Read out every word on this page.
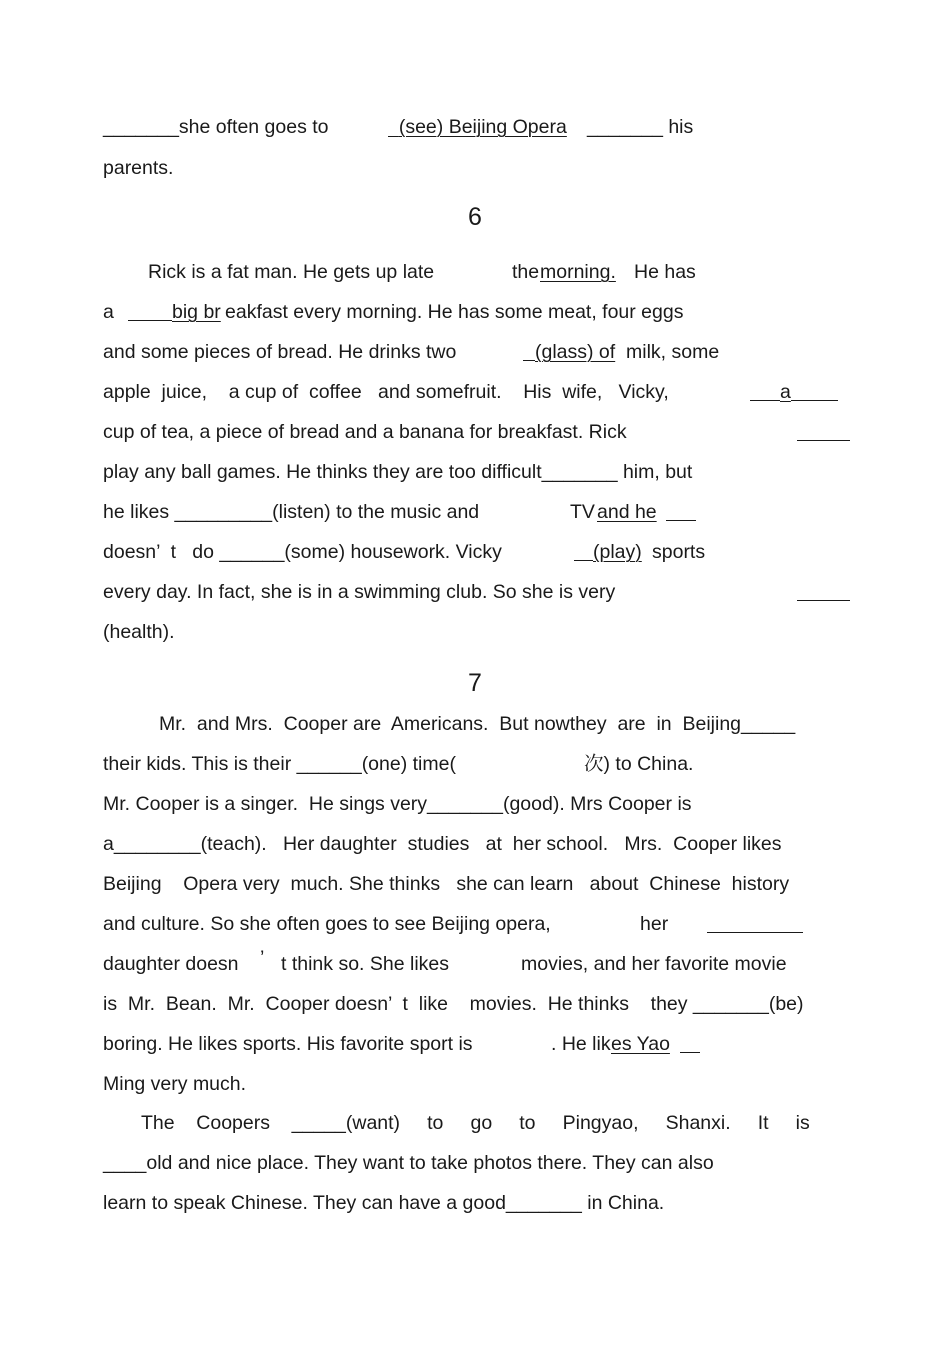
_______she often goes to	(see) Beijing Opera _______ his
parents.
6
Rick is a fat man. He gets up late	the morning. He has
a	big br eakfast every morning. He has some meat, four eggs
and some pieces of bread. He drinks two	(glass) of milk, some
apple  juice,    a cup of  coffee   and somefruit.    His  wife,   Vicky,	a
cup of tea, a piece of bread and a banana for breakfast. Rick
play any ball games. He thinks they are too difficult_______ him, but
he likes _________(listen) to the music and	TV and he
doesn’  t   do ______(some) housework. Vicky	(play) sports
every day. In fact, she is in a swimming club. So she is very
(health).
7
Mr.  and Mrs.  Cooper are  Americans.  But nowthey  are  in  Beijing_____
their kids. This is their ______(one) time(	次) to China.
Mr. Cooper is a singer.  He sings very_______(good). Mrs Cooper is
a________(teach).   Her daughter  studies   at  her school.   Mrs.  Cooper likes
Beijing    Opera very  much. She thinks   she can learn   about  Chinese  history
and culture. So she often goes to see Beijing opera,	her
daughter doesn ’ t think so. She likes	movies, and her favorite movie
is  Mr.  Bean.  Mr.  Cooper doesn’  t  like    movies.  He thinks    they _______(be)
boring. He likes sports. His favorite sport is	. He lik es Yao
Ming very much.
The    Coopers    _____(want)     to     go     to     Pingyao,     Shanxi.     It     is
____old and nice place. They want to take photos there. They can also
learn to speak Chinese. They can have a good_______ in China.
